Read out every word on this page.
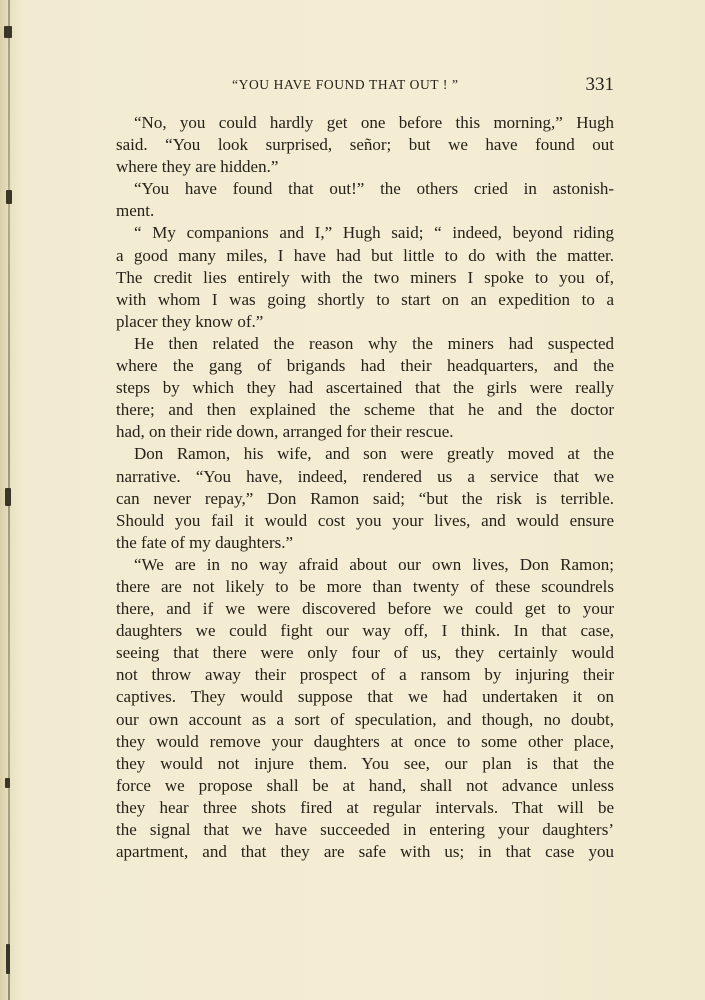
“YOU HAVE FOUND THAT OUT ! ”	331
“No, you could hardly get one before this morning,” Hugh
said. “You look surprised, señor; but we have found out
where they are hidden.”
“You have found that out!” the others cried in astonish-
ment.
“ My companions and I,” Hugh said; “ indeed, beyond riding
a good many miles, I have had but little to do with the matter.
The credit lies entirely with the two miners I spoke to you of,
with whom I was going shortly to start on an expedition to a
placer they know of.”
He then related the reason why the miners had suspected
where the gang of brigands had their headquarters, and the
steps by which they had ascertained that the girls were really
there; and then explained the scheme that he and the doctor
had, on their ride down, arranged for their rescue.
Don Ramon, his wife, and son were greatly moved at the
narrative. “You have, indeed, rendered us a service that we
can never repay,” Don Ramon said; “but the risk is terrible.
Should you fail it would cost you your lives, and would ensure
the fate of my daughters.”
“We are in no way afraid about our own lives, Don Ramon;
there are not likely to be more than twenty of these scoundrels
there, and if we were discovered before we could get to your
daughters we could fight our way off, I think. In that case,
seeing that there were only four of us, they certainly would
not throw away their prospect of a ransom by injuring their
captives. They would suppose that we had undertaken it on
our own account as a sort of speculation, and though, no doubt,
they would remove your daughters at once to some other place,
they would not injure them. You see, our plan is that the
force we propose shall be at hand, shall not advance unless
they hear three shots fired at regular intervals. That will be
the signal that we have succeeded in entering your daughters’
apartment, and that they are safe with us; in that case you
